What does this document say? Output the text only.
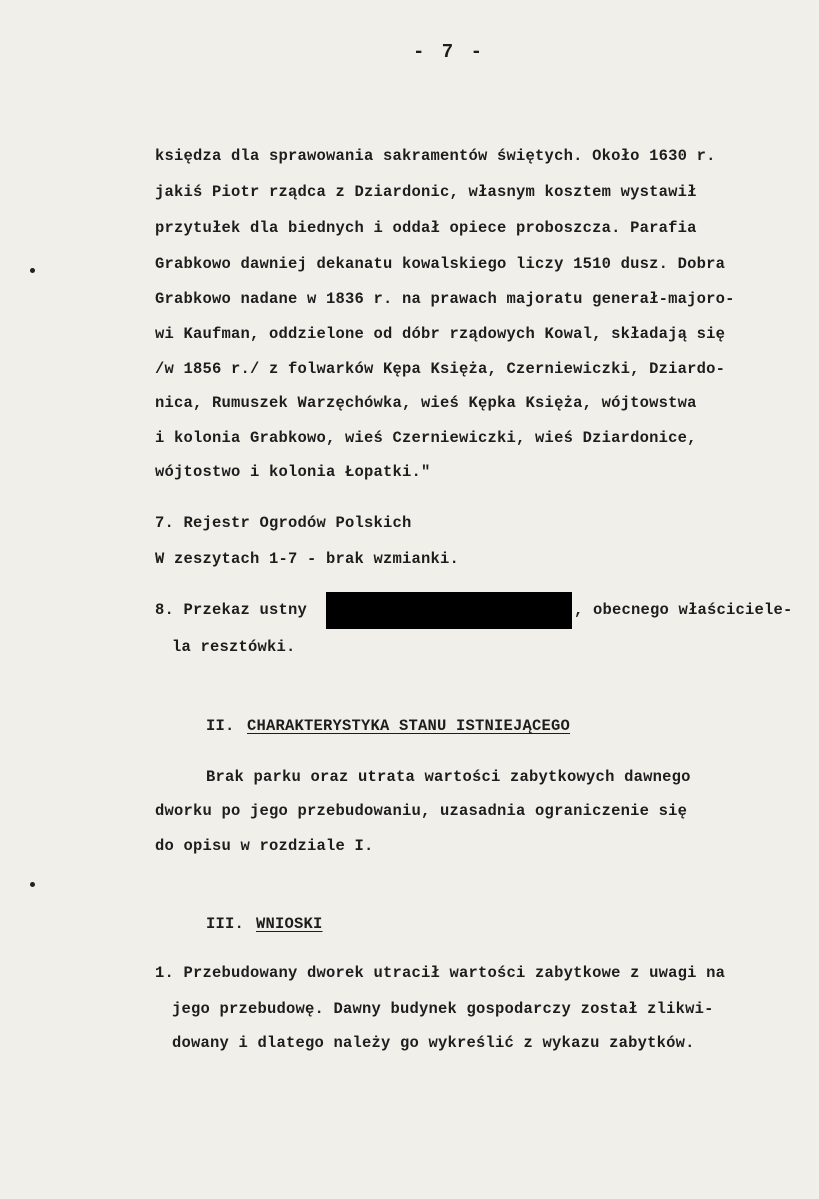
- 7 -
księdza dla sprawowania sakramentów świętych. Około 1630 r.
jakiś Piotr rządca z Dziardonic, własnym kosztem wystawił
przytułek dla biednych i oddał opiece proboszcza. Parafia
Grabkowo dawniej dekanatu kowalskiego liczy 1510 dusz. Dobra
Grabkowo nadane w 1836 r. na prawach majoratu generał-majoro-
wi Kaufman, oddzielone od dóbr rządowych Kowal, składają się
/w 1856 r./ z folwarków Kępa Księża, Czerniewiczki, Dziardo-
nica, Rumuszek Warzęchówka, wieś Kępka Księża, wójtowstwa
i kolonia Grabkowo, wieś Czerniewiczki, wieś Dziardonice,
wójtostwo i kolonia Łopatki."
7. Rejestr Ogrodów Polskich
W zeszytach 1-7 - brak wzmianki.
8. Przekaz ustny	, obecnego właściciele-
la resztówki.
II. CHARAKTERYSTYKA STANU ISTNIEJĄCEGO
Brak parku oraz utrata wartości zabytkowych dawnego
dworku po jego przebudowaniu, uzasadnia ograniczenie się
do opisu w rozdziale I.
III. WNIOSKI
1. Przebudowany dworek utracił wartości zabytkowe z uwagi na
jego przebudowę. Dawny budynek gospodarczy został zlikwi-
dowany i dlatego należy go wykreślić z wykazu zabytków.
